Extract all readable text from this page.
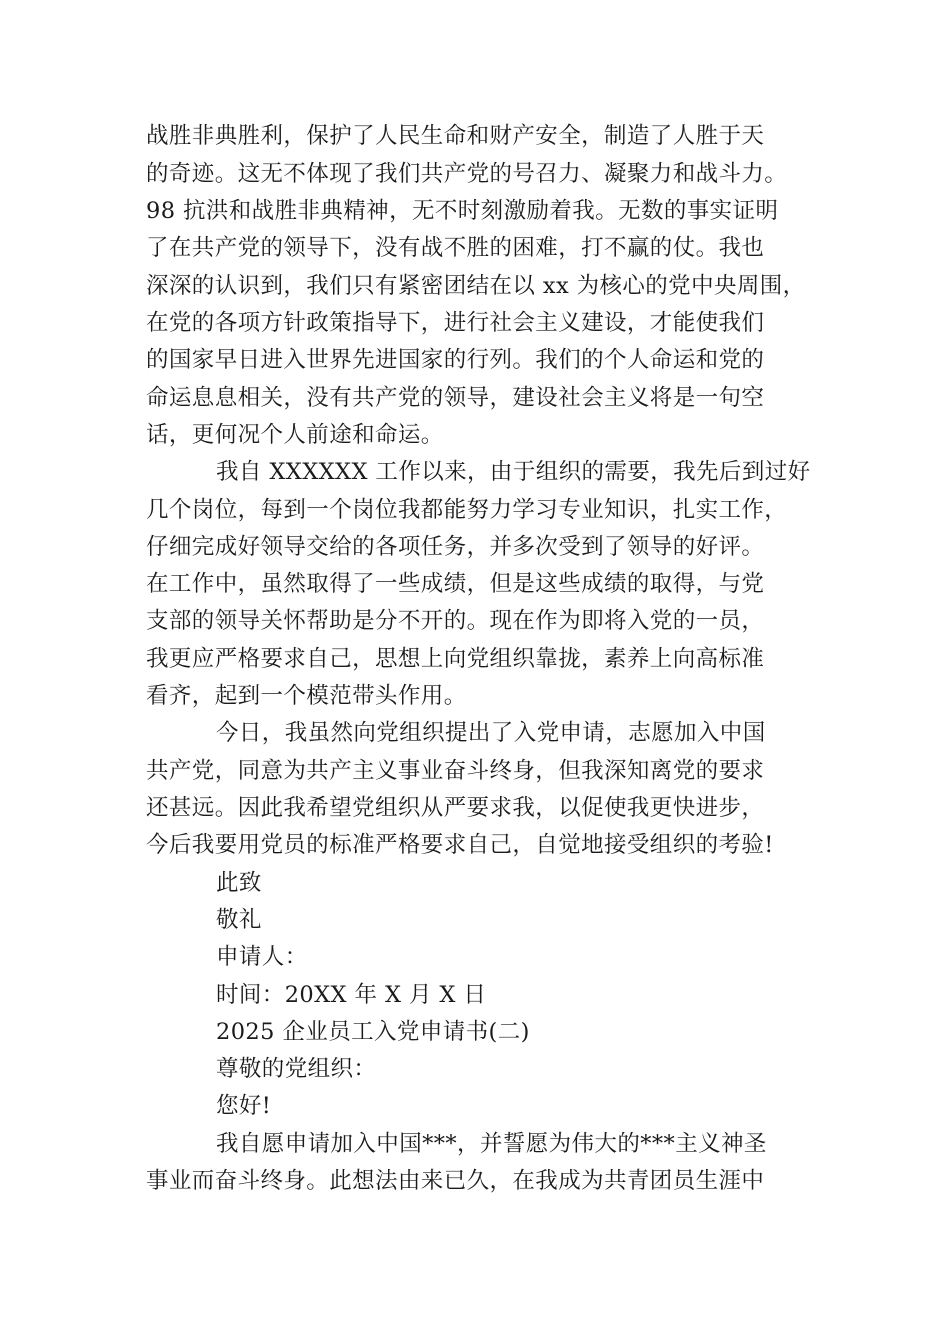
战胜非典胜利，保护了人民生命和财产安全，制造了人胜于天
的奇迹。这无不体现了我们共产党的号召力、凝聚力和战斗力。
98 抗洪和战胜非典精神，无不时刻激励着我。无数的事实证明
了在共产党的领导下，没有战不胜的困难，打不赢的仗。我也
深深的认识到，我们只有紧密团结在以 xx 为核心的党中央周围，
在党的各项方针政策指导下，进行社会主义建设，才能使我们
的国家早日进入世界先进国家的行列。我们的个人命运和党的
命运息息相关，没有共产党的领导，建设社会主义将是一句空
话，更何况个人前途和命运。
我自 XXXXXX 工作以来，由于组织的需要，我先后到过好
几个岗位，每到一个岗位我都能努力学习专业知识，扎实工作，
仔细完成好领导交给的各项任务，并多次受到了领导的好评。
在工作中，虽然取得了一些成绩，但是这些成绩的取得，与党
支部的领导关怀帮助是分不开的。现在作为即将入党的一员，
我更应严格要求自己，思想上向党组织靠拢，素养上向高标准
看齐，起到一个模范带头作用。
今日，我虽然向党组织提出了入党申请，志愿加入中国
共产党，同意为共产主义事业奋斗终身，但我深知离党的要求
还甚远。因此我希望党组织从严要求我，以促使我更快进步，
今后我要用党员的标准严格要求自己，自觉地接受组织的考验!
此致
敬礼
申请人：
时间：20XX 年 X 月 X 日
2025 企业员工入党申请书(二)
尊敬的党组织：
您好!
我自愿申请加入中国***，并誓愿为伟大的***主义神圣
事业而奋斗终身。此想法由来已久，在我成为共青团员生涯中
